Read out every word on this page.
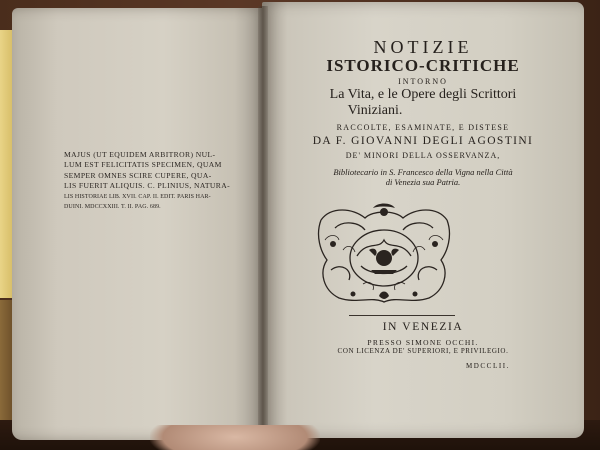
MAJUS (UT EQUIDEM ARBITROR) NUL-
LUM EST FELICITATIS SPECIMEN, QUAM
SEMPER OMNES SCIRE CUPERE, QUA-
LIS FUERIT ALIQUIS. C. PLINIUS, NATURA-
LIS HISTORIAE LIB. XVII. CAP. II. EDIT. PARIS HAR-
DUINI. MDCCXXIII. T. II. PAG. 689.
NOTIZIE
ISTORICO-CRITICHE
INTORNO
La Vita, e le Opere degli Scrittori
Viniziani.
RACCOLTE, ESAMINATE, E DISTESE
DA F. GIOVANNI DEGLI AGOSTINI
DE' MINORI DELLA OSSERVANZA,
Bibliotecario in S. Francesco della Vigna nella Città
di Venezia sua Patria.
IN VENEZIA
PRESSO SIMONE OCCHI.
CON LICENZA DE' SUPERIORI, E PRIVILEGIO.
MDCCLII.
